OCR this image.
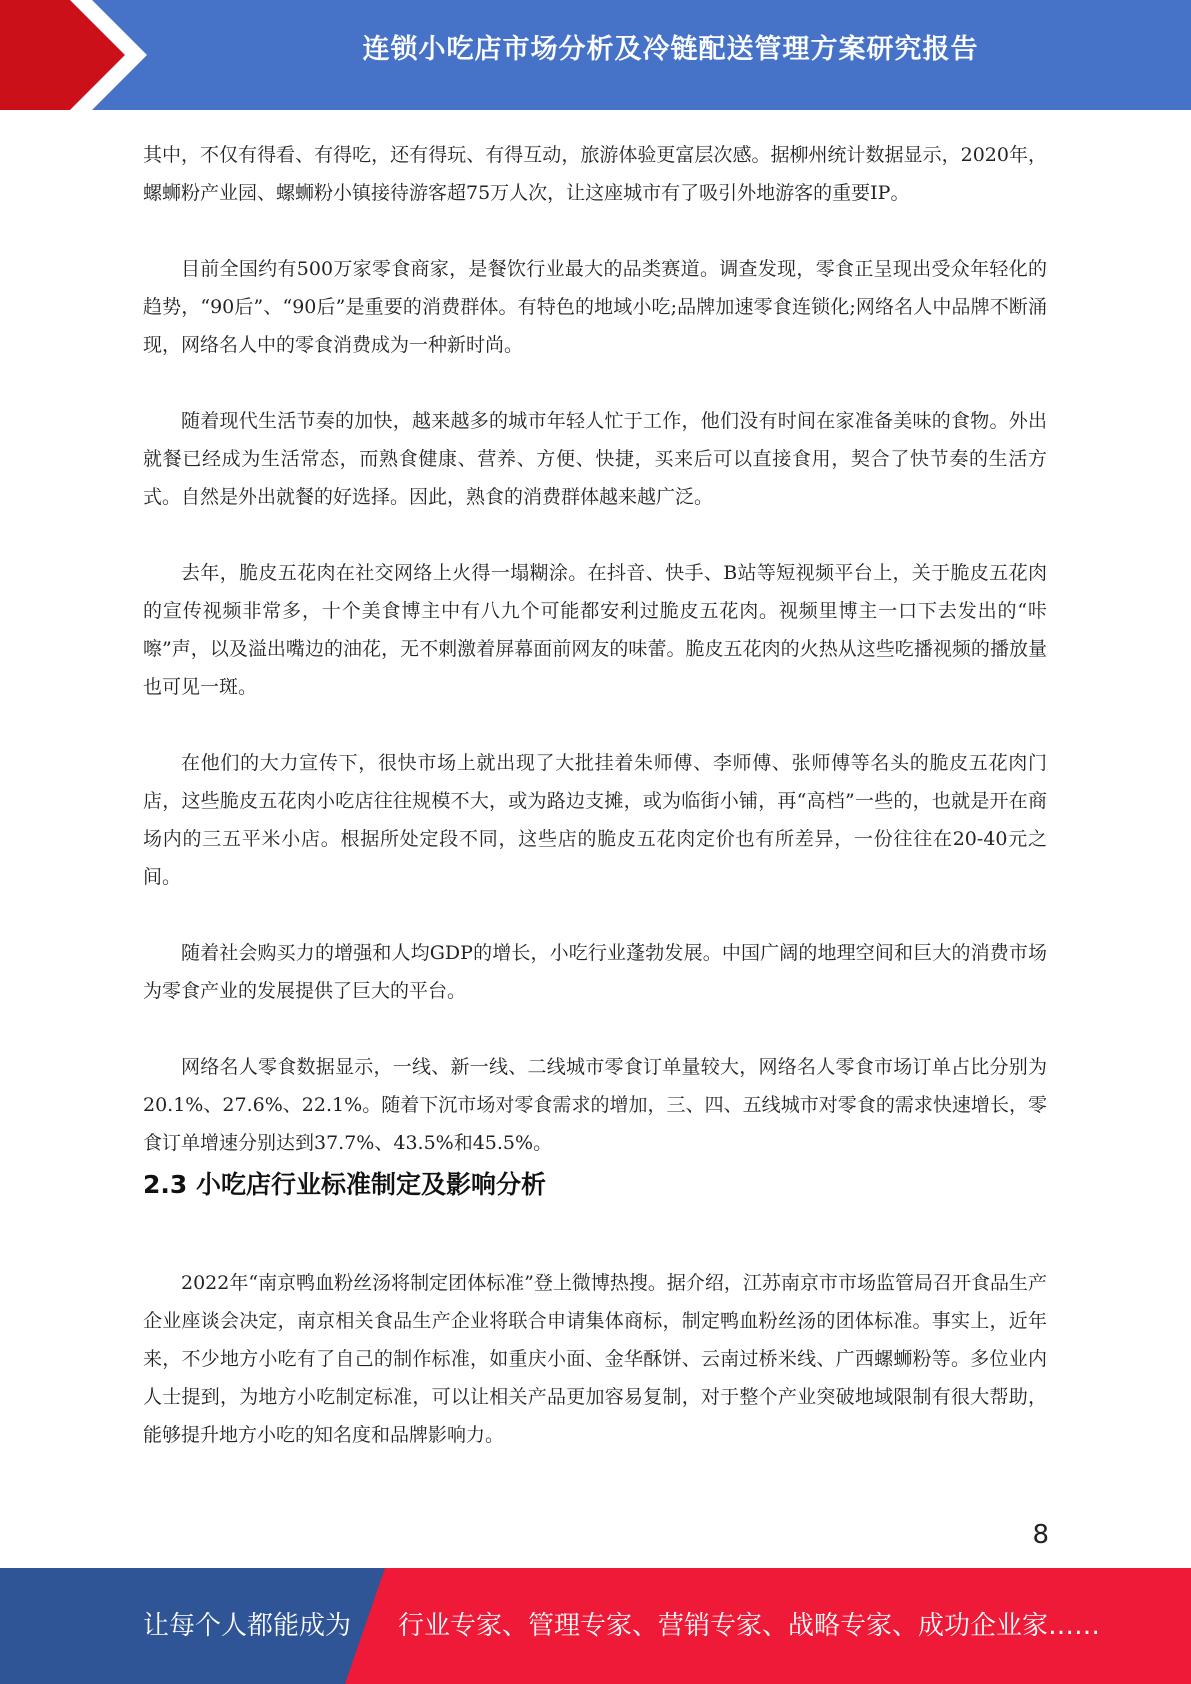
连锁小吃店市场分析及冷链配送管理方案研究报告

其中，不仅有得看、有得吃，还有得玩、有得互动，旅游体验更富层次感。据柳州统计数据显示，2020年，螺蛳粉产业园、螺蛳粉小镇接待游客超75万人次，让这座城市有了吸引外地游客的重要IP。

目前全国约有500万家零食商家，是餐饮行业最大的品类赛道。调查发现，零食正呈现出受众年轻化的趋势，“90后”、“90后”是重要的消费群体。有特色的地域小吃;品牌加速零食连锁化;网络名人中品牌不断涌现，网络名人中的零食消费成为一种新时尚。

随着现代生活节奏的加快，越来越多的城市年轻人忙于工作，他们没有时间在家准备美味的食物。外出就餐已经成为生活常态，而熟食健康、营养、方便、快捷，买来后可以直接食用，契合了快节奏的生活方式。自然是外出就餐的好选择。因此，熟食的消费群体越来越广泛。

去年，脆皮五花肉在社交网络上火得一塌糊涂。在抖音、快手、B站等短视频平台上，关于脆皮五花肉的宣传视频非常多，十个美食博主中有八九个可能都安利过脆皮五花肉。视频里博主一口下去发出的“咔嚓”声，以及溢出嘴边的油花，无不刺激着屏幕面前网友的味蕾。脆皮五花肉的火热从这些吃播视频的播放量也可见一斑。

在他们的大力宣传下，很快市场上就出现了大批挂着朱师傅、李师傅、张师傅等名头的脆皮五花肉门店，这些脆皮五花肉小吃店往往规模不大，或为路边支摊，或为临街小铺，再“高档”一些的，也就是开在商场内的三五平米小店。根据所处定段不同，这些店的脆皮五花肉定价也有所差异，一份往往在20-40元之间。

随着社会购买力的增强和人均GDP的增长，小吃行业蓬勃发展。中国广阔的地理空间和巨大的消费市场为零食产业的发展提供了巨大的平台。

网络名人零食数据显示，一线、新一线、二线城市零食订单量较大，网络名人零食市场订单占比分别为20.1%、27.6%、22.1%。随着下沉市场对零食需求的增加，三、四、五线城市对零食的需求快速增长，零食订单增速分别达到37.7%、43.5%和45.5%。

2.3 小吃店行业标准制定及影响分析

2022年“南京鸭血粉丝汤将制定团体标准”登上微博热搜。据介绍，江苏南京市市场监管局召开食品生产企业座谈会决定，南京相关食品生产企业将联合申请集体商标，制定鸭血粉丝汤的团体标准。事实上，近年来，不少地方小吃有了自己的制作标准，如重庆小面、金华酥饼、云南过桥米线、广西螺蛳粉等。多位业内人士提到，为地方小吃制定标准，可以让相关产品更加容易复制，对于整个产业突破地域限制有很大帮助，能够提升地方小吃的知名度和品牌影响力。

8
让每个人都能成为 行业专家、管理专家、营销专家、战略专家、成功企业家……
